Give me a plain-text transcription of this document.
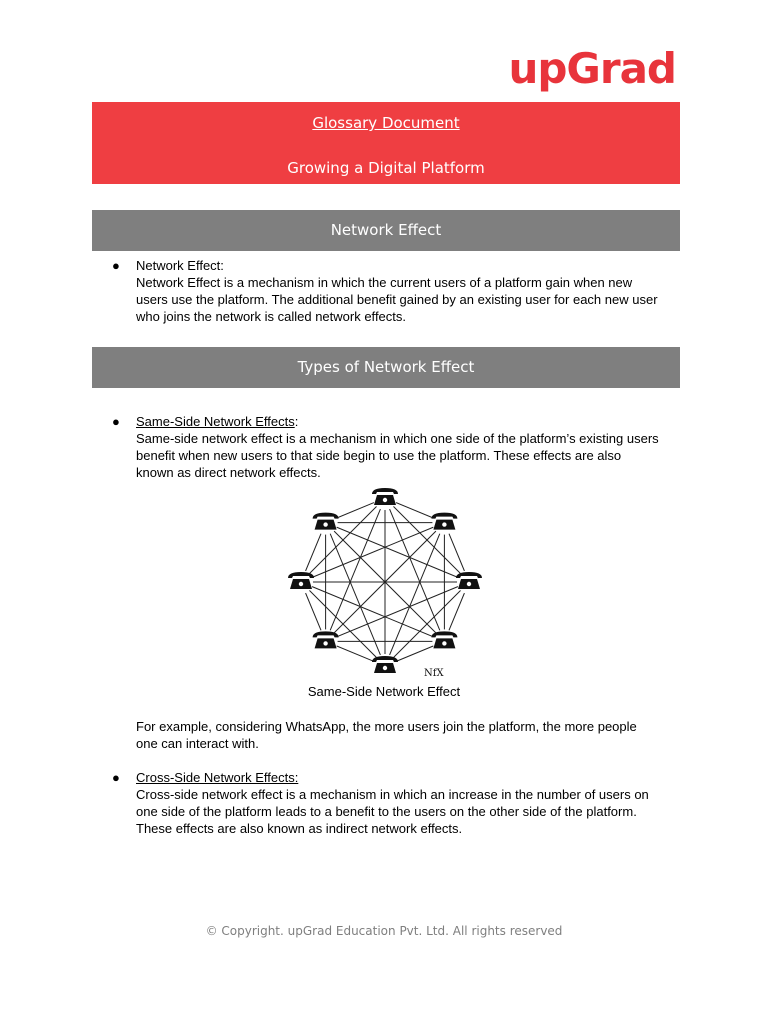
upGrad
Glossary Document
Growing a Digital Platform
Network Effect
● Network Effect:
Network Effect is a mechanism in which the current users of a platform gain when new
users use the platform. The additional benefit gained by an existing user for each new user
who joins the network is called network effects.
Types of Network Effect
● Same-Side Network Effects:
Same-side network effect is a mechanism in which one side of the platform’s existing users
benefit when new users to that side begin to use the platform. These effects are also
known as direct network effects.
NfX
Same-Side Network Effect
For example, considering WhatsApp, the more users join the platform, the more people
one can interact with.
● Cross-Side Network Effects:
Cross-side network effect is a mechanism in which an increase in the number of users on
one side of the platform leads to a benefit to the users on the other side of the platform.
These effects are also known as indirect network effects.
© Copyright. upGrad Education Pvt. Ltd. All rights reserved
